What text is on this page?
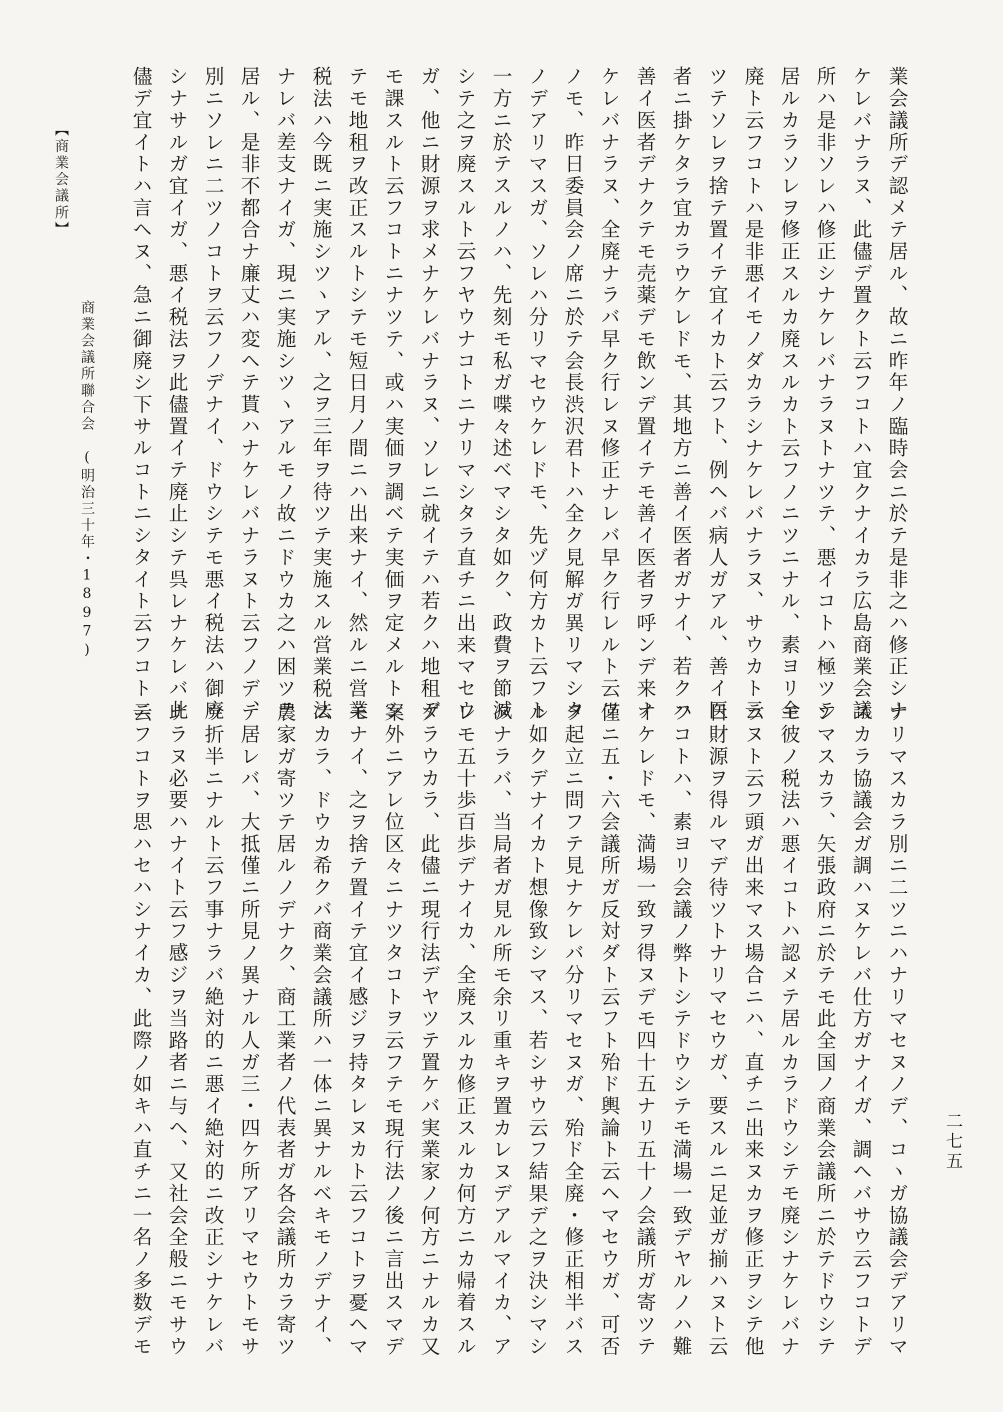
【商業会議所】
商業会議所聯合会　(明治三十年・1897)	業会議所デ認メテ居ル、故ニ昨年ノ臨時会ニ於テ是非之ハ修正シナ
ケレバナラヌ、此儘デ置クト云フコトハ宜クナイカラ広島商業会議
所ハ是非ソレハ修正シナケレバナラヌトナツテ、悪イコトハ極ツテ
居ルカラソレヲ修正スルカ廃スルカト云フノニツニナル、素ヨリ全
廃ト云フコトハ是非悪イモノダカラシナケレバナラヌ、サウカト云
ツテソレヲ捨テ置イテ宜イカト云フト、例ヘバ病人ガアル、善イ医
者ニ掛ケタラ宜カラウケレドモ、其地方ニ善イ医者ガナイ、若クハ
善イ医者デナクテモ売薬デモ飲ンデ置イテモ善イ医者ヲ呼ンデ来ナ
ケレバナラヌ、全廃ナラバ早ク行レヌ修正ナレバ早ク行レルト云フ
ノモ、昨日委員会ノ席ニ於テ会長渋沢君トハ全ク見解ガ異リマシタ
ノデアリマスガ、ソレハ分リマセウケレドモ、先ヅ何方カト云フト
一方ニ於テスルノハ、先刻モ私ガ喋々述ベマシタ如ク、政費ヲ節減
シテ之ヲ廃スルト云フヤウナコトニナリマシタラ直チニ出来マセウ
ガ、他ニ財源ヲ求メナケレバナラヌ、ソレニ就イテハ若クハ地租デ
モ課スルト云フコトニナツテ、或ハ実価ヲ調ベテ実価ヲ定メルトシ
テモ地租ヲ改正スルトシテモ短日月ノ間ニハ出来ナイ、然ルニ営業
税法ハ今既ニ実施シツヽアル、之ヲ三年ヲ待ツテ実施スル営業税法
ナレバ差支ナイガ、現ニ実施シツヽアルモノ故ニドウカ之ハ困ツテ
居ル、是非不都合ナ廉丈ハ変ヘテ貰ハナケレバナラヌト云フノデ、
別ニソレニ二ツノコトヲ云フノデナイ、ドウシテモ悪イ税法ハ御廃
シナサルガ宜イガ、悪イ税法ヲ此儘置イテ廃止シテ呉レナケレバ此
儘デ宜イトハ言ヘヌ、急ニ御廃シ下サルコトニシタイト云フコトニ
ナリマスカラ別ニ二ツニハナリマセヌノデ、コヽガ協議会デアリマ
スカラ協議会ガ調ハヌケレバ仕方ガナイガ、調ヘバサウ云フコトデ
シマスカラ、矢張政府ニ於テモ此全国ノ商業会議所ニ於テドウシテ
モ彼ノ税法ハ悪イコトハ認メテ居ルカラドウシテモ廃シナケレバナ
ラヌト云フ頭ガ出来マス場合ニハ、直チニ出来ヌカヲ修正ヲシテ他
日財源ヲ得ルマデ待ツトナリマセウガ、要スルニ足並ガ揃ハヌト云
フコトハ、素ヨリ会議ノ弊トシテドウシテモ満場一致デヤルノハ難
イケレドモ、満場一致ヲ得ヌデモ四十五ナリ五十ノ会議所ガ寄ツテ
僅ニ五・六会議所ガ反対ダト云フト殆ド輿論ト云ヘマセウガ、可否
ヲ起立ニ問フテ見ナケレバ分リマセヌガ、殆ド全廃・修正相半バス
ル如クデナイカト想像致シマス、若シサウ云フ結果デ之ヲ決シマシ
タナラバ、当局者ガ見ル所モ余リ重キヲ置カレヌデアルマイカ、ア
レモ五十歩百歩デナイカ、全廃スルカ修正スルカ何方ニカ帰着スル
ダラウカラ、此儘ニ現行法デヤツテ置ケバ実業家ノ何方ニナルカ又
案外ニアレ位区々ニナツタコトヲ云フテモ現行法ノ後ニ言出スマデ
モナイ、之ヲ捨テ置イテ宜イ感ジヲ持タレヌカト云フコトヲ憂ヘマ
スカラ、ドウカ希クバ商業会議所ハ一体ニ異ナルベキモノデナイ、
農家ガ寄ツテ居ルノデナク、商工業者ノ代表者ガ各会議所カラ寄ツ
テ居レバ、大抵僅ニ所見ノ異ナル人ガ三・四ケ所アリマセウトモサ
ウ折半ニナルト云フ事ナラバ絶対的ニ悪イ絶対的ニ改正シナケレバ
ナラヌ必要ハナイト云フ感ジヲ当路者ニ与ヘ、又社会全般ニモサウ
云フコトヲ思ハセハシナイカ、此際ノ如キハ直チニ一名ノ多数デモ	二七五
